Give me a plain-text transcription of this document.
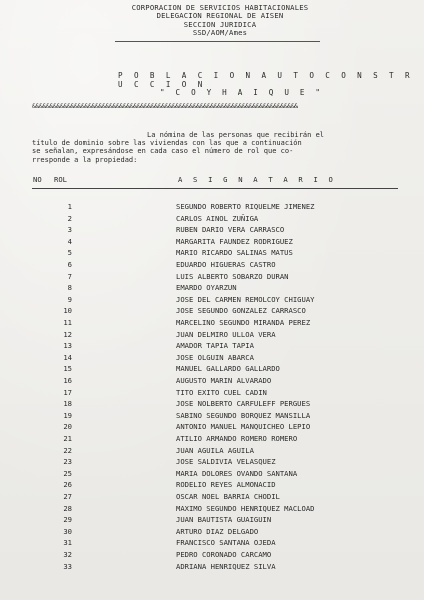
CORPORACION DE SERVICIOS HABITACIONALES
DELEGACION REGIONAL DE AISEN
SECCION JURIDICA
SSD/AOM/Ames
P O B L A C I O N A U T O C O N S T R U C C I O N
" C O Y H A I Q U E "
&&&&&&&&&&&&&&&&&&&&&&&&&&&&&&&&&&&&&&&&&&&&&&&&&&&&&&&&&&&&&&&&&&&&&&&&&&&&
La nómina de las personas que recibirán el
título de dominio sobre las viviendas con las que a continuación
se señalan, expresándose en cada caso el número de rol que co-
rresponde a la propiedad:
NO ROL	A S I G N A T A R I O
1	SEGUNDO ROBERTO RIQUELME JIMENEZ
2	CARLOS AINOL ZUÑIGA
3	RUBEN DARIO VERA CARRASCO
4	MARGARITA FAUNDEZ RODRIGUEZ
5	MARIO RICARDO SALINAS MATUS
6	EDUARDO HIGUERAS CASTRO
7	LUIS ALBERTO SOBARZO DURAN
8	EMARDO OYARZUN
9	JOSE DEL CARMEN REMOLCOY CHIGUAY
10	JOSE SEGUNDO GONZALEZ CARRASCO
11	MARCELINO SEGUNDO MIRANDA PEREZ
12	JUAN DELMIRO ULLOA VERA
13	AMADOR TAPIA TAPIA
14	JOSE OLGUIN ABARCA
15	MANUEL GALLARDO GALLARDO
16	AUGUSTO MARIN ALVARADO
17	TITO EXITO CUEL CADIN
18	JOSE NOLBERTO CARFULEFF PERGUES
19	SABINO SEGUNDO BORQUEZ MANSILLA
20	ANTONIO MANUEL MANQUICHEO LEPIO
21	ATILIO ARMANDO ROMERO ROMERO
22	JUAN AGUILA AGUILA
23	JOSE SALDIVIA VELASQUEZ
25	MARIA DOLORES OVANDO SANTANA
26	RODELIO REYES ALMONACID
27	OSCAR NOEL BARRIA CHODIL
28	MAXIMO SEGUNDO HENRIQUEZ MACLOAD
29	JUAN BAUTISTA GUAIGUIN
30	ARTURO DIAZ DELGADO
31	FRANCISCO SANTANA OJEDA
32	PEDRO CORONADO CARCAMO
33	ADRIANA HENRIQUEZ SILVA
